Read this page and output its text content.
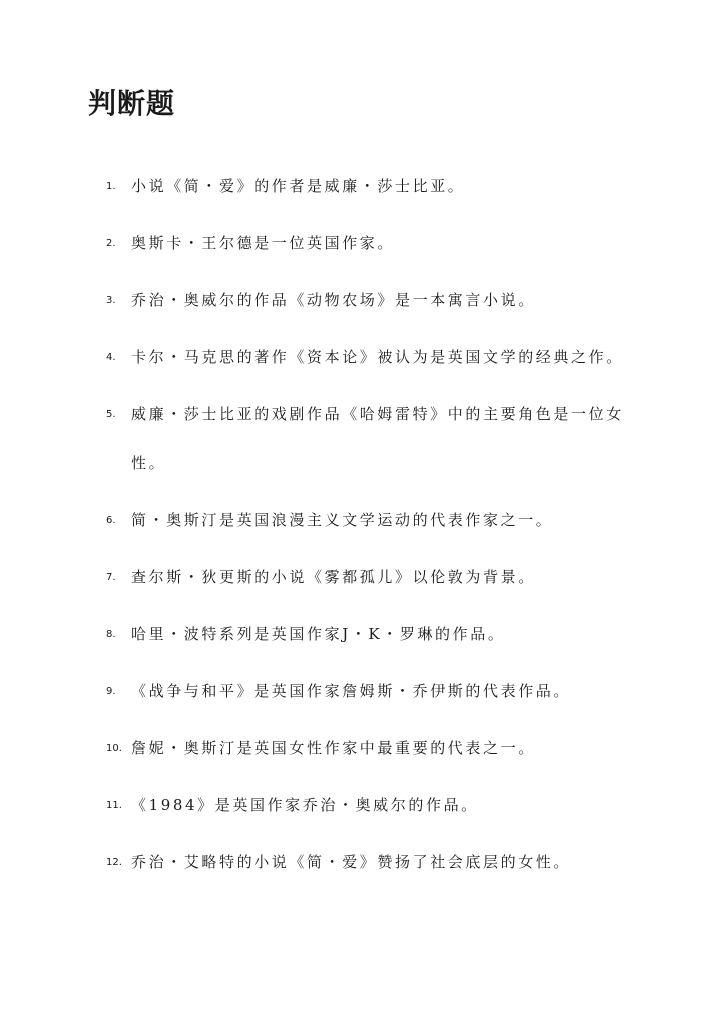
判断题
1.	小说《简・爱》的作者是威廉・莎士比亚。
2.	奥斯卡・王尔德是一位英国作家。
3.	乔治・奥威尔的作品《动物农场》是一本寓言小说。
4.	卡尔・马克思的著作《资本论》被认为是英国文学的经典之作。
5.	威廉・莎士比亚的戏剧作品《哈姆雷特》中的主要角色是一位女性。
6.	简・奥斯汀是英国浪漫主义文学运动的代表作家之一。
7.	查尔斯・狄更斯的小说《雾都孤儿》以伦敦为背景。
8.	哈里・波特系列是英国作家J・K・罗琳的作品。
9.	《战争与和平》是英国作家詹姆斯・乔伊斯的代表作品。
10. 詹妮・奥斯汀是英国女性作家中最重要的代表之一。
11. 《1984》是英国作家乔治・奥威尔的作品。
12. 乔治・艾略特的小说《简・爱》赞扬了社会底层的女性。
